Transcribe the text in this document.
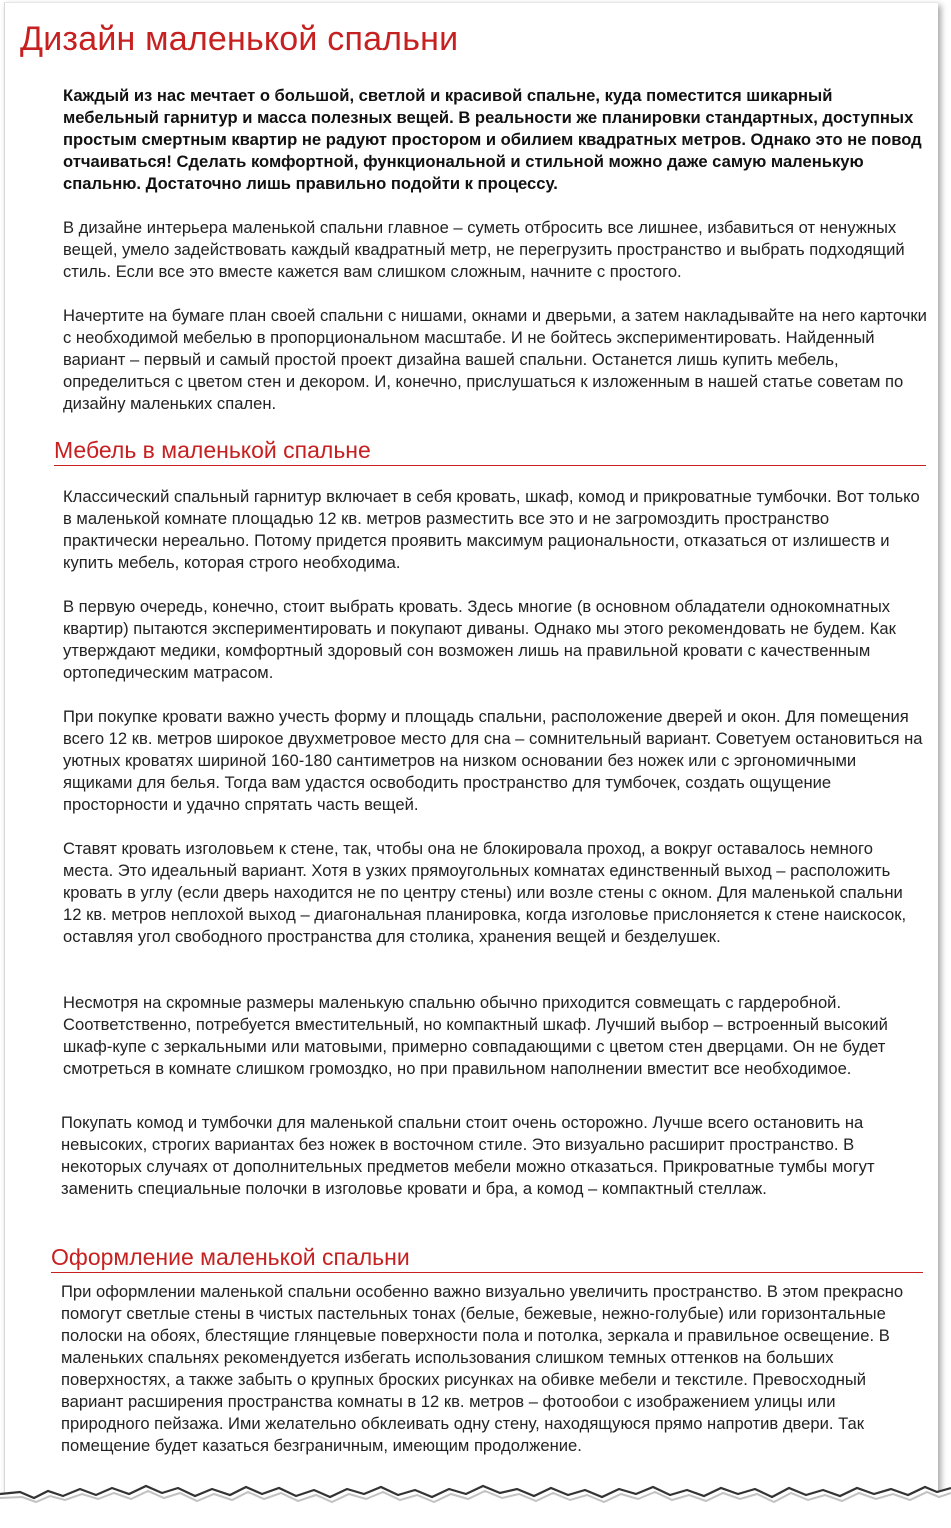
Дизайн маленькой спальни

Каждый из нас мечтает о большой, светлой и красивой спальне, куда поместится шикарный мебельный гарнитур и масса полезных вещей. В реальности же планировки стандартных, доступных простым смертным квартир не радуют простором и обилием квадратных метров. Однако это не повод отчаиваться! Сделать комфортной, функциональной и стильной можно даже самую маленькую спальню. Достаточно лишь правильно подойти к процессу.

В дизайне интерьера маленькой спальни главное – суметь отбросить все лишнее, избавиться от ненужных вещей, умело задействовать каждый квадратный метр, не перегрузить пространство и выбрать подходящий стиль. Если все это вместе кажется вам слишком сложным, начните с простого.

Начертите на бумаге план своей спальни с нишами, окнами и дверьми, а затем накладывайте на него карточки с необходимой мебелью в пропорциональном масштабе. И не бойтесь экспериментировать. Найденный вариант – первый и самый простой проект дизайна вашей спальни. Останется лишь купить мебель, определиться с цветом стен и декором. И, конечно, прислушаться к изложенным в нашей статье советам по дизайну маленьких спален.

Мебель в маленькой спальне

Классический спальный гарнитур включает в себя кровать, шкаф, комод и прикроватные тумбочки. Вот только в маленькой комнате площадью 12 кв. метров разместить все это и не загромоздить пространство практически нереально. Потому придется проявить максимум рациональности, отказаться от излишеств и купить мебель, которая строго необходима.

В первую очередь, конечно, стоит выбрать кровать. Здесь многие (в основном обладатели однокомнатных квартир) пытаются экспериментировать и покупают диваны. Однако мы этого рекомендовать не будем. Как утверждают медики, комфортный здоровый сон возможен лишь на правильной кровати с качественным ортопедическим матрасом.

При покупке кровати важно учесть форму и площадь спальни, расположение дверей и окон. Для помещения всего 12 кв. метров широкое двухметровое место для сна – сомнительный вариант. Советуем остановиться на уютных кроватях шириной 160-180 сантиметров на низком основании без ножек или с эргономичными ящиками для белья. Тогда вам удастся освободить пространство для тумбочек, создать ощущение просторности и удачно спрятать часть вещей.

Ставят кровать изголовьем к стене, так, чтобы она не блокировала проход, а вокруг оставалось немного места. Это идеальный вариант. Хотя в узких прямоугольных комнатах единственный выход – расположить кровать в углу (если дверь находится не по центру стены) или возле стены с окном. Для маленькой спальни 12 кв. метров неплохой выход – диагональная планировка, когда изголовье прислоняется к стене наискосок, оставляя угол свободного пространства для столика, хранения вещей и безделушек.

Несмотря на скромные размеры маленькую спальню обычно приходится совмещать с гардеробной. Соответственно, потребуется вместительный, но компактный шкаф. Лучший выбор – встроенный высокий шкаф-купе с зеркальными или матовыми, примерно совпадающими с цветом стен дверцами. Он не будет смотреться в комнате слишком громоздко, но при правильном наполнении вместит все необходимое.

Покупать комод и тумбочки для маленькой спальни стоит очень осторожно. Лучше всего остановить на невысоких, строгих вариантах без ножек в восточном стиле. Это визуально расширит пространство. В некоторых случаях от дополнительных предметов мебели можно отказаться. Прикроватные тумбы могут заменить специальные полочки в изголовье кровати и бра, а комод – компактный стеллаж.

Оформление маленькой спальни

При оформлении маленькой спальни особенно важно визуально увеличить пространство. В этом прекрасно помогут светлые стены в чистых пастельных тонах (белые, бежевые, нежно-голубые) или горизонтальные полоски на обоях, блестящие глянцевые поверхности пола и потолка, зеркала и правильное освещение. В маленьких спальнях рекомендуется избегать использования слишком темных оттенков на больших поверхностях, а также забыть о крупных броских рисунках на обивке мебели и текстиле. Превосходный вариант расширения пространства комнаты в 12 кв. метров – фотообои с изображением улицы или природного пейзажа. Ими желательно обклеивать одну стену, находящуюся прямо напротив двери. Так помещение будет казаться безграничным, имеющим продолжение.
